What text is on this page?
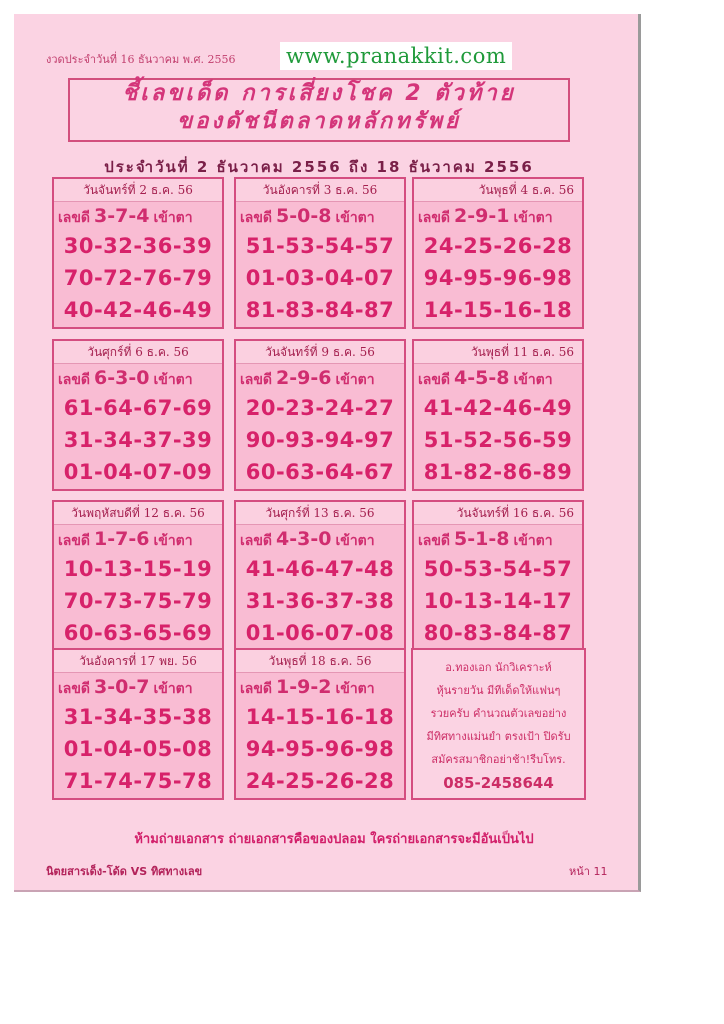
งวดประจำวันที่ 16 ธันวาคม พ.ศ. 2556 www.pranakkit.com
ชี้เลขเด็ด การเสี่ยงโชค 2 ตัวท้าย
ของดัชนีตลาดหลักทรัพย์
ประจำวันที่ 2 ธันวาคม 2556 ถึง 18 ธันวาคม 2556
วันจันทร์ที่ 2 ธ.ค. 56
เลขดี 3-7-4 เข้าตา
30-32-36-39
70-72-76-79
40-42-46-49
วันอังคารที่ 3 ธ.ค. 56
เลขดี 5-0-8 เข้าตา
51-53-54-57
01-03-04-07
81-83-84-87
วันพุธที่ 4 ธ.ค. 56
เลขดี 2-9-1 เข้าตา
24-25-26-28
94-95-96-98
14-15-16-18
วันศุกร์ที่ 6 ธ.ค. 56
เลขดี 6-3-0 เข้าตา
61-64-67-69
31-34-37-39
01-04-07-09
วันจันทร์ที่ 9 ธ.ค. 56
เลขดี 2-9-6 เข้าตา
20-23-24-27
90-93-94-97
60-63-64-67
วันพุธที่ 11 ธ.ค. 56
เลขดี 4-5-8 เข้าตา
41-42-46-49
51-52-56-59
81-82-86-89
วันพฤหัสบดีที่ 12 ธ.ค. 56
เลขดี 1-7-6 เข้าตา
10-13-15-19
70-73-75-79
60-63-65-69
วันศุกร์ที่ 13 ธ.ค. 56
เลขดี 4-3-0 เข้าตา
41-46-47-48
31-36-37-38
01-06-07-08
วันจันทร์ที่ 16 ธ.ค. 56
เลขดี 5-1-8 เข้าตา
50-53-54-57
10-13-14-17
80-83-84-87
วันอังคารที่ 17 พย. 56
เลขดี 3-0-7 เข้าตา
31-34-35-38
01-04-05-08
71-74-75-78
วันพุธที่ 18 ธ.ค. 56
เลขดี 1-9-2 เข้าตา
14-15-16-18
94-95-96-98
24-25-26-28
อ.ทองเอก นักวิเคราะห์
หุ้นรายวัน มีทีเด็ดให้แฟนๆ
รวยครับ คำนวณตัวเลขอย่าง
มีทิศทางแม่นยำ ตรงเป้า ปิดรับ
สมัครสมาชิกอย่าช้า!รีบโทร.
085-2458644
ห้ามถ่ายเอกสาร ถ่ายเอกสารคือของปลอม ใครถ่ายเอกสารจะมีอันเป็นไป
นิตยสารเด็ง-โด้ด VS ทิศทางเลข	หน้า 11
